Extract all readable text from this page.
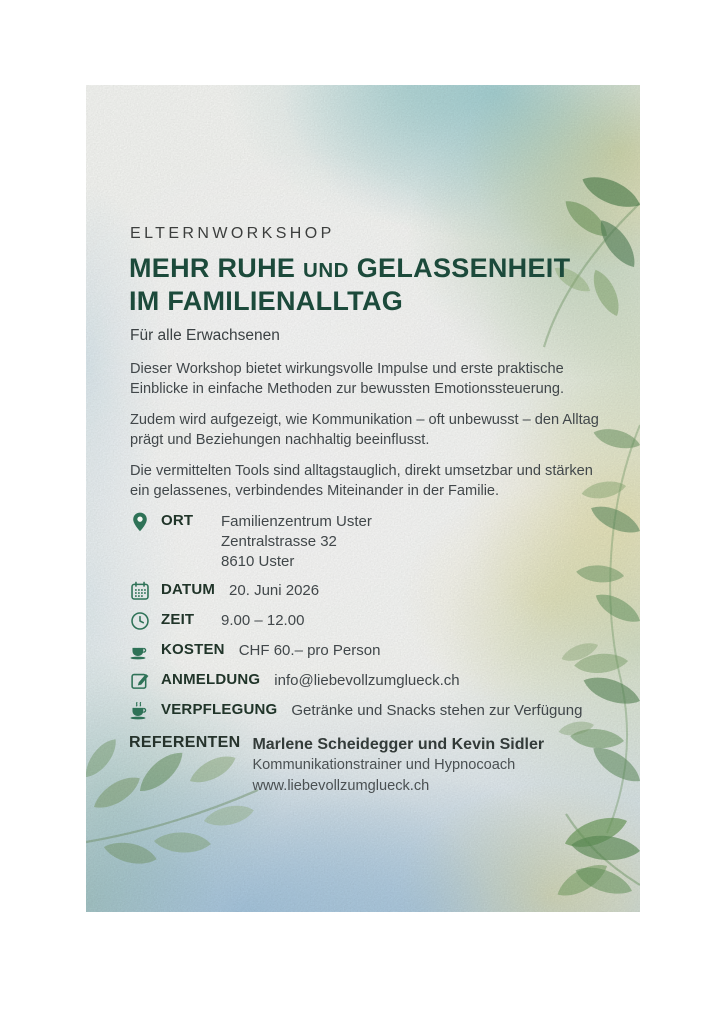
ELTERNWORKSHOP
MEHR RUHE UND GELASSENHEIT
IM FAMILIENALLTAG
Für alle Erwachsenen

Dieser Workshop bietet wirkungsvolle Impulse und erste praktische Einblicke in einfache Methoden zur bewussten Emotionssteuerung.

Zudem wird aufgezeigt, wie Kommunikation – oft unbewusst – den Alltag prägt und Beziehungen nachhaltig beeinflusst.

Die vermittelten Tools sind alltagstauglich, direkt umsetzbar und stärken ein gelassenes, verbindendes Miteinander in der Familie.

ORT	Familienzentrum Uster
Zentralstrasse 32
8610 Uster
DATUM 20. Juni 2026
ZEIT	9.00 – 12.00
KOSTEN CHF 60.– pro Person
ANMELDUNG info@liebevollzumglueck.ch
VERPFLEGUNG Getränke und Snacks stehen zur Verfügung
REFERENTEN Marlene Scheidegger und Kevin Sidler
Kommunikationstrainer und Hypnocoach
www.liebevollzumglueck.ch
